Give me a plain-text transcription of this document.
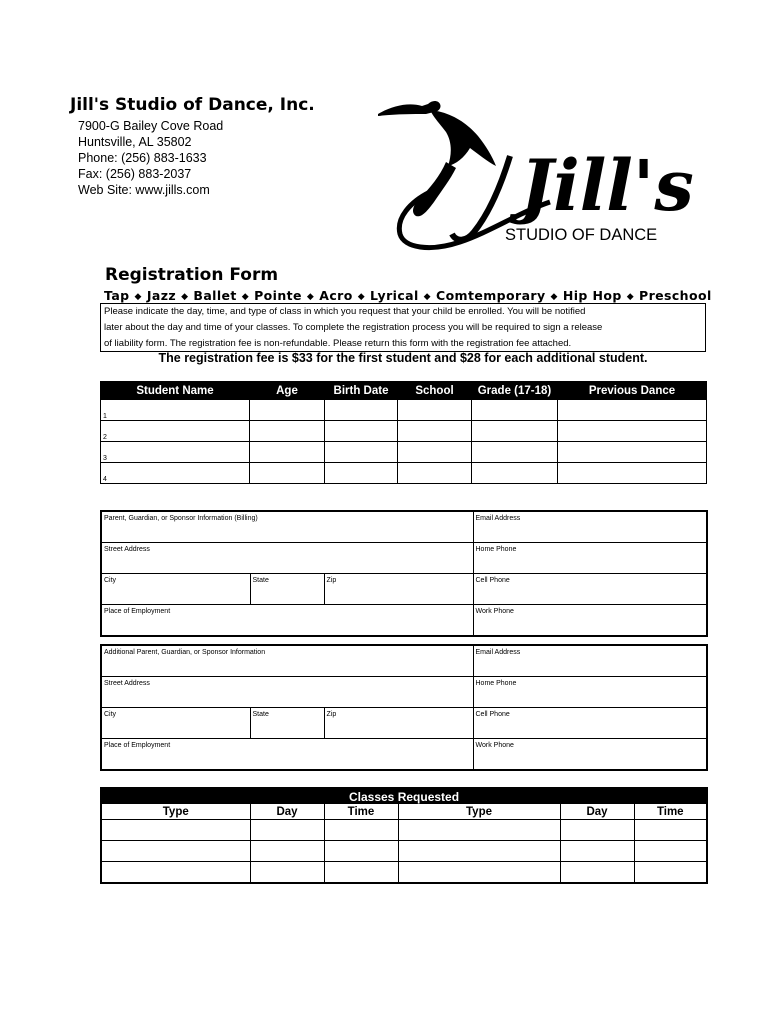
Jill's Studio of Dance, Inc.
7900-G Bailey Cove Road
Huntsville, AL 35802
Phone: (256) 883-1633
Fax: (256) 883-2037
Web Site: www.jills.com	Jill's
STUDIO OF DANCE
Registration Form
Tap ◆ Jazz ◆ Ballet ◆ Pointe ◆ Acro ◆ Lyrical ◆ Comtemporary ◆ Hip Hop ◆ Preschool
Please indicate the day, time, and type of class in which you request that your child be enrolled. You will be notified
later about the day and time of your classes. To complete the registration process you will be required to sign a release
of liability form. The registration fee is non-refundable. Please return this form with the registration fee attached.
The registration fee is $33 for the first student and $28 for each additional student.
Student Name	Age	Birth Date	School	Grade (17-18)	Previous Dance
1					
2					
3					
4					
Parent, Guardian, or Sponsor Information (Billing)			Email Address
Street Address			Home Phone
City	State	Zip	Cell Phone
Place of Employment			Work Phone
Additional Parent, Guardian, or Sponsor Information			Email Address
Street Address			Home Phone
City	State	Zip	Cell Phone
Place of Employment			Work Phone
Classes Requested					
Type	Day	Time	Type	Day	Time
